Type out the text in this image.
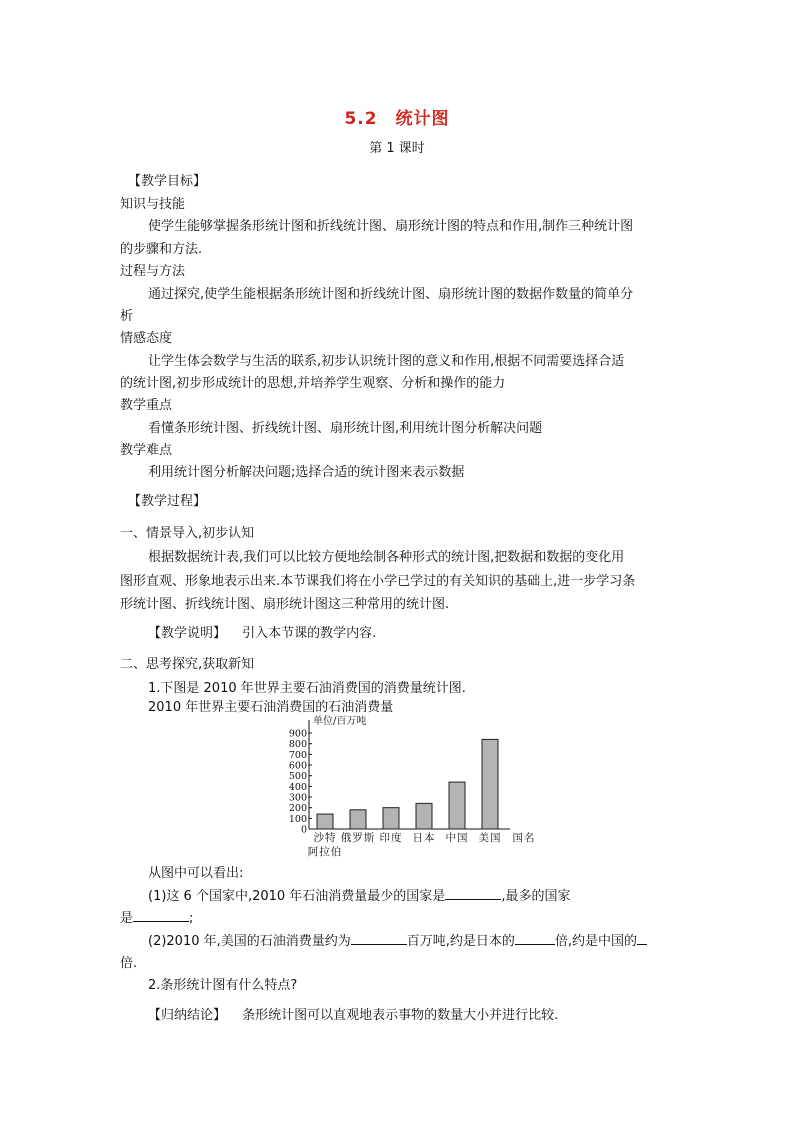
5.2　统计图
第 1 课时
【教学目标】
知识与技能
使学生能够掌握条形统计图和折线统计图、扇形统计图的特点和作用,制作三种统计图
的步骤和方法.
过程与方法
通过探究,使学生能根据条形统计图和折线统计图、扇形统计图的数据作数量的简单分
析
情感态度
让学生体会数学与生活的联系,初步认识统计图的意义和作用,根据不同需要选择合适
的统计图,初步形成统计的思想,并培养学生观察、分析和操作的能力
教学重点
看懂条形统计图、折线统计图、扇形统计图,利用统计图分析解决问题
教学难点
利用统计图分析解决问题;选择合适的统计图来表示数据
【教学过程】
一、情景导入,初步认知
根据数据统计表,我们可以比较方便地绘制各种形式的统计图,把数据和数据的变化用
图形直观、形象地表示出来.本节课我们将在小学已学过的有关知识的基础上,进一步学习条
形统计图、折线统计图、扇形统计图这三种常用的统计图.
【教学说明】 引入本节课的教学内容.
二、思考探究,获取新知
1.下图是 2010 年世界主要石油消费国的消费量统计图.
2010 年世界主要石油消费国的石油消费量
单位/百万吨
0
100
200
300
400
500
600
700
800
900
沙特
阿拉伯
俄罗斯 印度 日本 中国 美国 国名
从图中可以看出:
(1)这 6 个国家中,2010 年石油消费量最少的国家是	,最多的国家
是	;
(2)2010 年,美国的石油消费量约为	百万吨,约是日本的	倍,约是中国的
倍.
2.条形统计图有什么特点?
【归纳结论】 条形统计图可以直观地表示事物的数量大小并进行比较.
